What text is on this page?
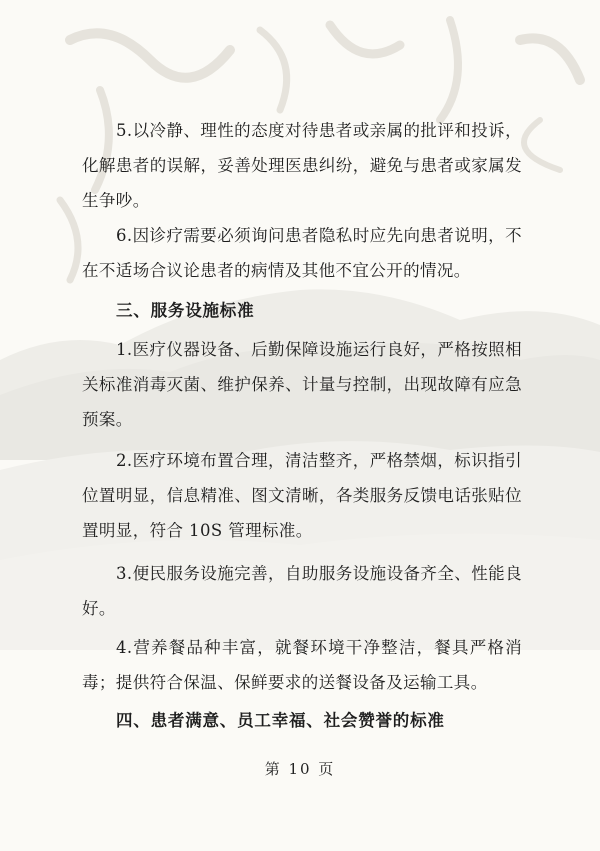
5.以冷静、理性的态度对待患者或亲属的批评和投诉，化解患者的误解，妥善处理医患纠纷，避免与患者或家属发生争吵。

6.因诊疗需要必须询问患者隐私时应先向患者说明，不在不适场合议论患者的病情及其他不宜公开的情况。

三、服务设施标准

1.医疗仪器设备、后勤保障设施运行良好，严格按照相关标准消毒灭菌、维护保养、计量与控制，出现故障有应急预案。

2.医疗环境布置合理，清洁整齐，严格禁烟，标识指引位置明显，信息精准、图文清晰，各类服务反馈电话张贴位置明显，符合 10S 管理标准。

3.便民服务设施完善，自助服务设施设备齐全、性能良好。

4.营养餐品种丰富，就餐环境干净整洁，餐具严格消毒；提供符合保温、保鲜要求的送餐设备及运输工具。

四、患者满意、员工幸福、社会赞誉的标准
第 10 页
